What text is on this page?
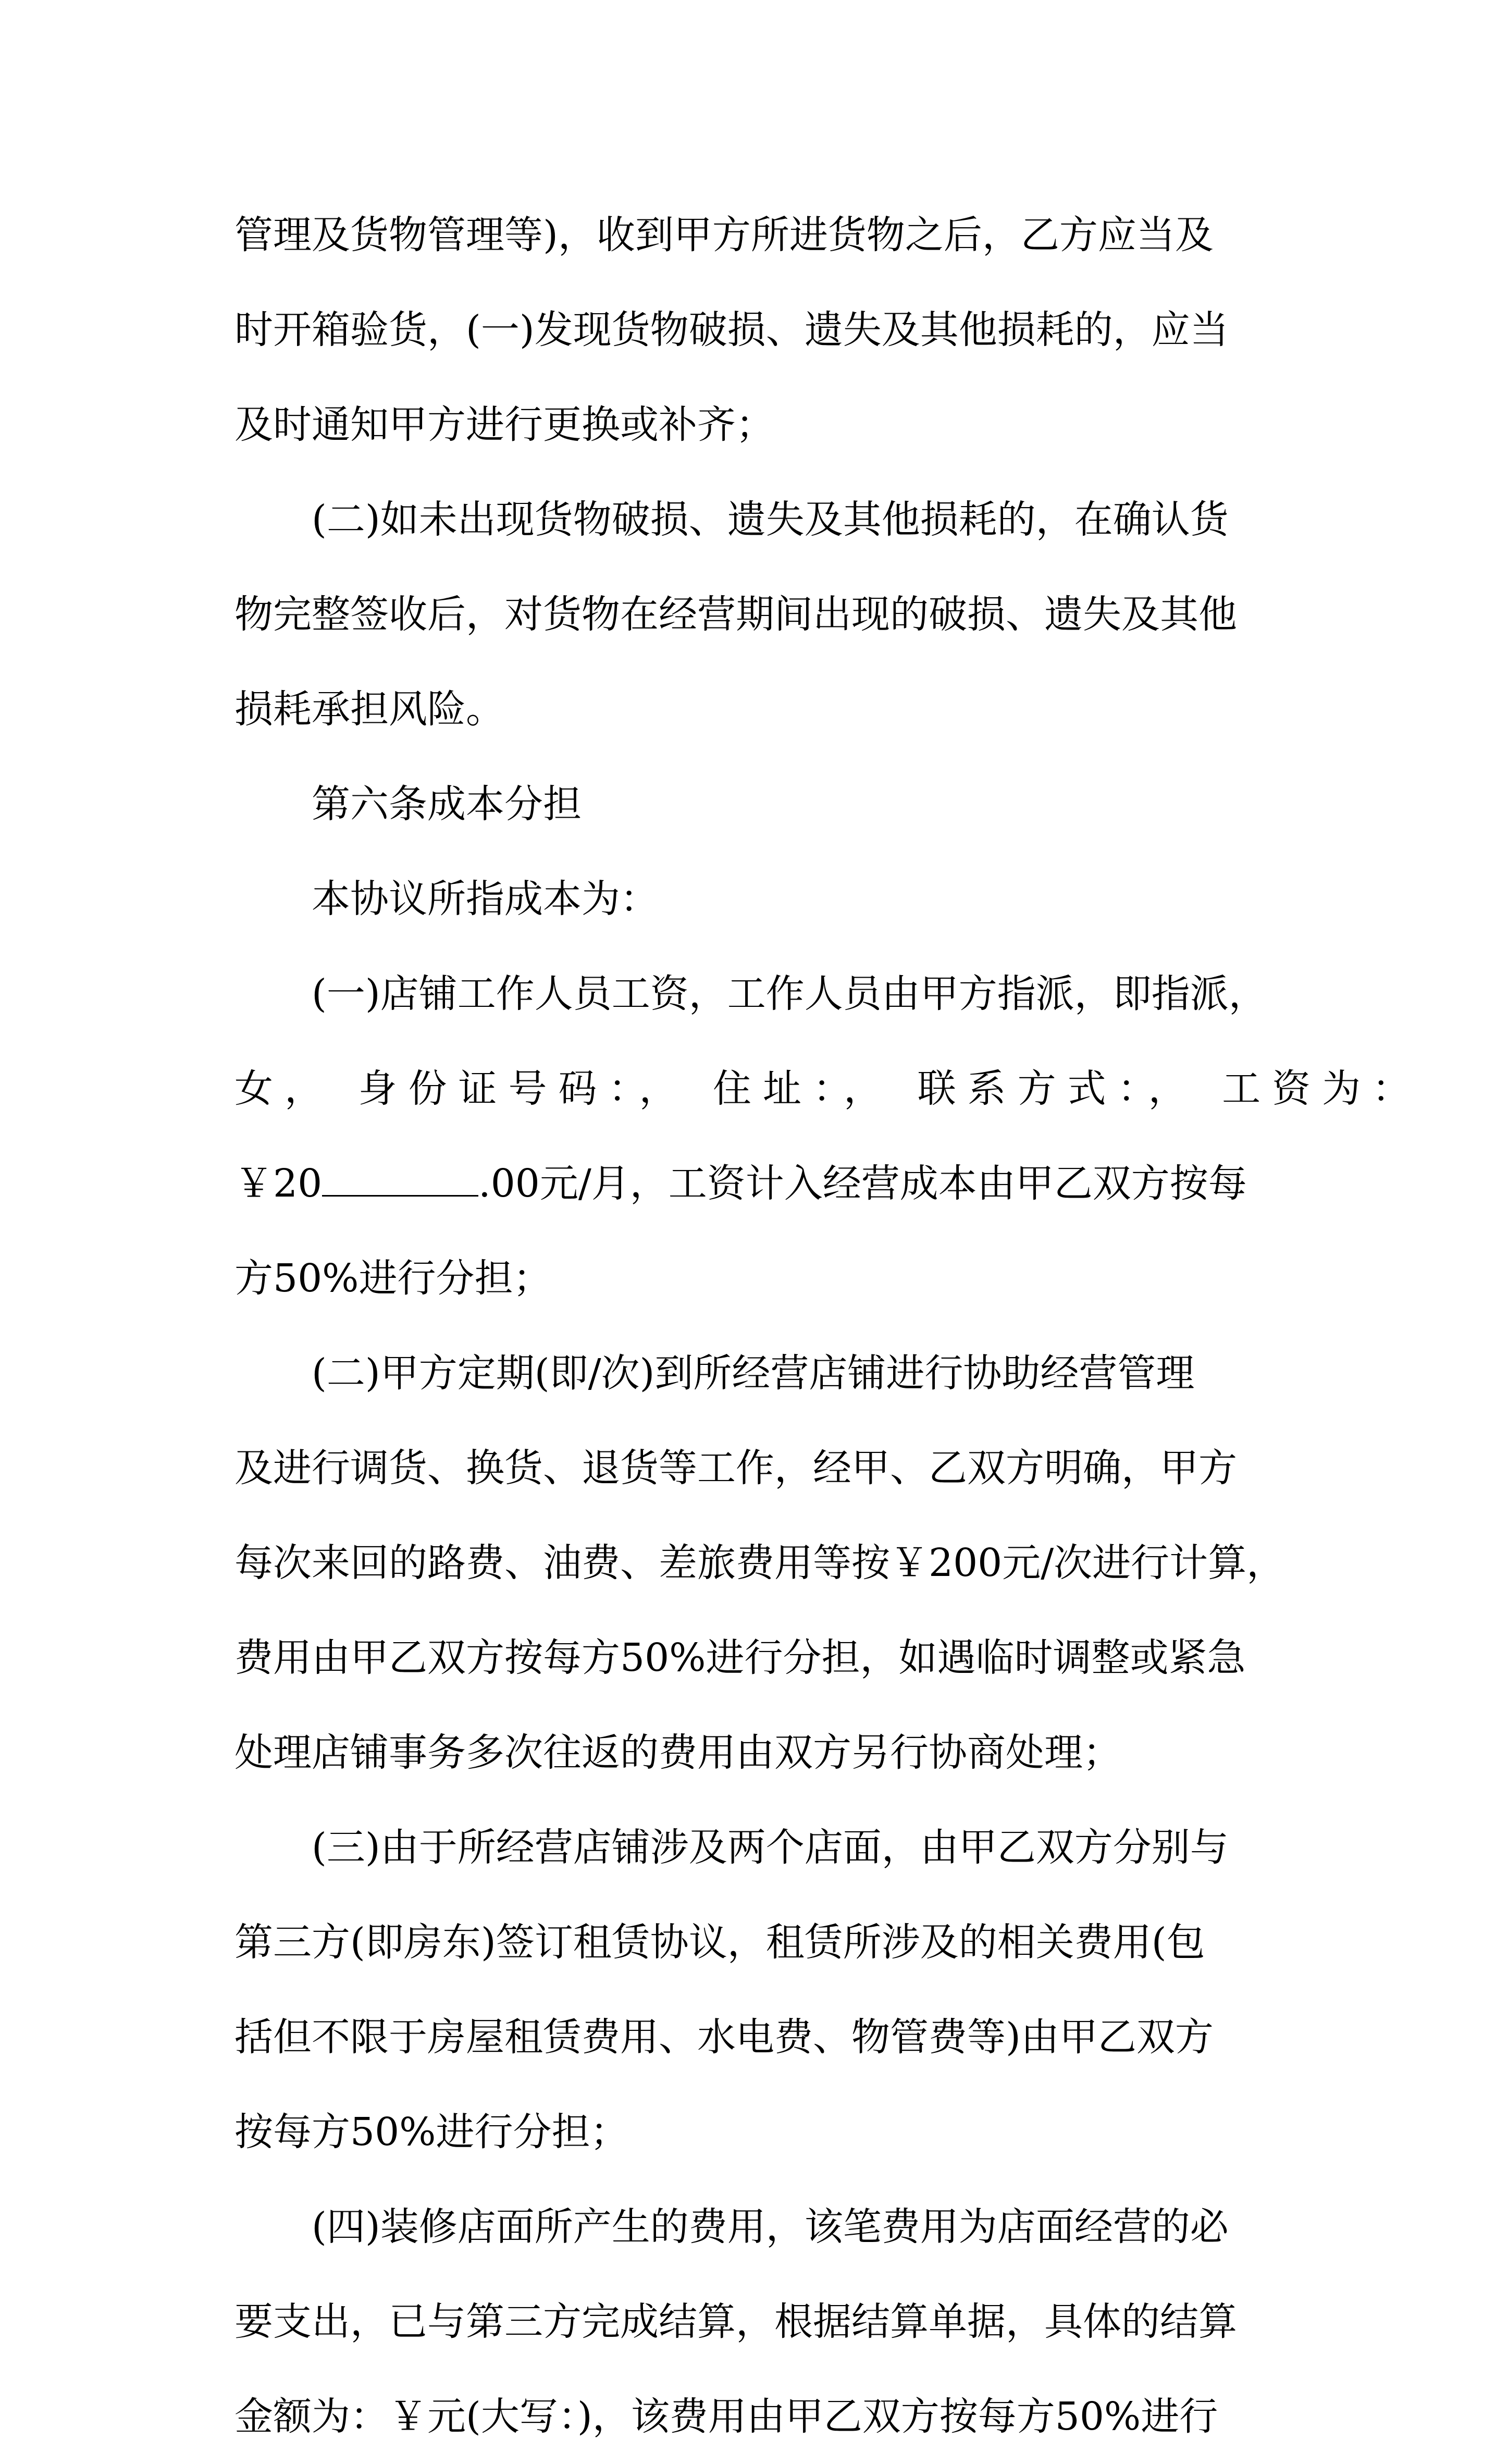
管理及货物管理等)，收到甲方所进货物之后，乙方应当及

时开箱验货，(一)发现货物破损、遗失及其他损耗的，应当

及时通知甲方进行更换或补齐；

(二)如未出现货物破损、遗失及其他损耗的，在确认货

物完整签收后，对货物在经营期间出现的破损、遗失及其他

损耗承担风险。

第六条成本分担

本协议所指成本为：

(一)店铺工作人员工资，工作人员由甲方指派，即指派，

女， 身份证号码：， 住址：， 联系方式：， 工资为：

￥20	.00元/月，工资计入经营成本由甲乙双方按每

方50%进行分担；

(二)甲方定期(即/次)到所经营店铺进行协助经营管理

及进行调货、换货、退货等工作，经甲、乙双方明确，甲方

每次来回的路费、油费、差旅费用等按￥200元/次进行计算，

费用由甲乙双方按每方50%进行分担，如遇临时调整或紧急

处理店铺事务多次往返的费用由双方另行协商处理；

(三)由于所经营店铺涉及两个店面，由甲乙双方分别与

第三方(即房东)签订租赁协议，租赁所涉及的相关费用(包

括但不限于房屋租赁费用、水电费、物管费等)由甲乙双方

按每方50%进行分担；

(四)装修店面所产生的费用，该笔费用为店面经营的必

要支出，已与第三方完成结算，根据结算单据，具体的结算

金额为：￥元(大写：)，该费用由甲乙双方按每方50%进行
